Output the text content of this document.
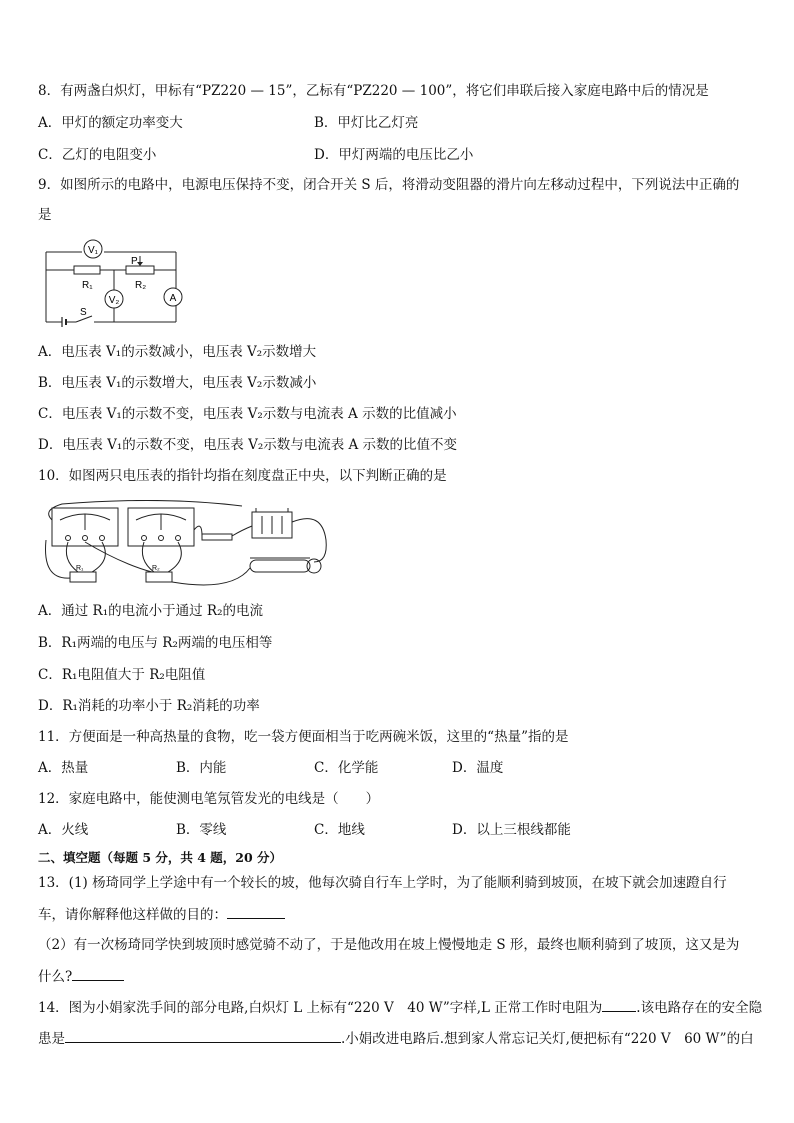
8．有两盏白炽灯，甲标有“PZ220 — 15”，乙标有“PZ220 — 100”，将它们串联后接入家庭电路中后的情况是
A．甲灯的额定功率变大	B．甲灯比乙灯亮
C．乙灯的电阻变小	D．甲灯两端的电压比乙小
9．如图所示的电路中，电源电压保持不变，闭合开关 S 后，将滑动变阻器的滑片向左移动过程中，下列说法中正确的
是
V₁
V₂	A
P
R₁	R₂
S
A．电压表 V₁的示数减小，电压表 V₂示数增大
B．电压表 V₁的示数增大，电压表 V₂示数减小
C．电压表 V₁的示数不变，电压表 V₂示数与电流表 A 示数的比值减小
D．电压表 V₁的示数不变，电压表 V₂示数与电流表 A 示数的比值不变
10．如图两只电压表的指针均指在刻度盘正中央，以下判断正确的是
R₁	R₂
A．通过 R₁的电流小于通过 R₂的电流
B．R₁两端的电压与 R₂两端的电压相等
C．R₁电阻值大于 R₂电阻值
D．R₁消耗的功率小于 R₂消耗的功率
11．方便面是一种高热量的食物，吃一袋方便面相当于吃两碗米饭，这里的“热量”指的是
A．热量	B．内能	C．化学能	D．温度
12．家庭电路中，能使测电笔氖管发光的电线是（　　）
A．火线	B．零线	C．地线	D．以上三根线都能
二、填空题（每题 5 分，共 4 题，20 分）
13．(1) 杨琦同学上学途中有一个较长的坡，他每次骑自行车上学时，为了能顺利骑到坡顶，在坡下就会加速蹬自行
车，请你解释他这样做的目的：
（2）有一次杨琦同学快到坡顶时感觉骑不动了，于是他改用在坡上慢慢地走 S 形，最终也顺利骑到了坡顶，这又是为
什么?
14．图为小娟家洗手间的部分电路,白炽灯 L 上标有“220 V　40 W”字样,L 正常工作时电阻为	.该电路存在的安全隐
患是	.小娟改进电路后.想到家人常忘记关灯,便把标有“220 V　60 W”的白
